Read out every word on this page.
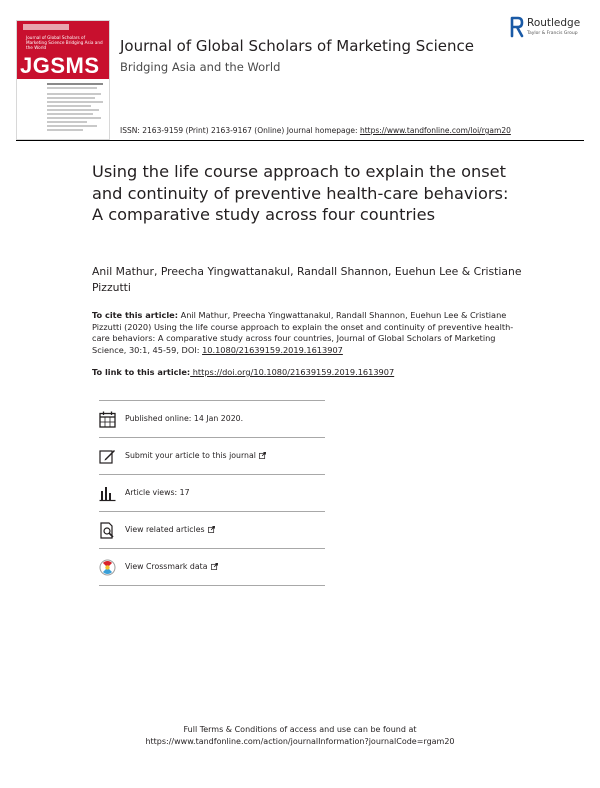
Journal of Global Scholars of Marketing Science Bridging Asia and the World
JGSMS
Journal of Global Scholars of Marketing Science
Bridging Asia and the World
Routledge
Taylor & Francis Group
ISSN: 2163-9159 (Print) 2163-9167 (Online) Journal homepage: https://www.tandfonline.com/loi/rgam20
Using the life course approach to explain the onset and continuity of preventive health-care behaviors: A comparative study across four countries
Anil Mathur, Preecha Yingwattanakul, Randall Shannon, Euehun Lee & Cristiane Pizzutti
To cite this article: Anil Mathur, Preecha Yingwattanakul, Randall Shannon, Euehun Lee & Cristiane Pizzutti (2020) Using the life course approach to explain the onset and continuity of preventive health-care behaviors: A comparative study across four countries, Journal of Global Scholars of Marketing Science, 30:1, 45-59, DOI: 10.1080/21639159.2019.1613907
To link to this article: https://doi.org/10.1080/21639159.2019.1613907
Published online: 14 Jan 2020.
Submit your article to this journal
Article views: 17
View related articles
View Crossmark data
Full Terms & Conditions of access and use can be found at
https://www.tandfonline.com/action/journalInformation?journalCode=rgam20
